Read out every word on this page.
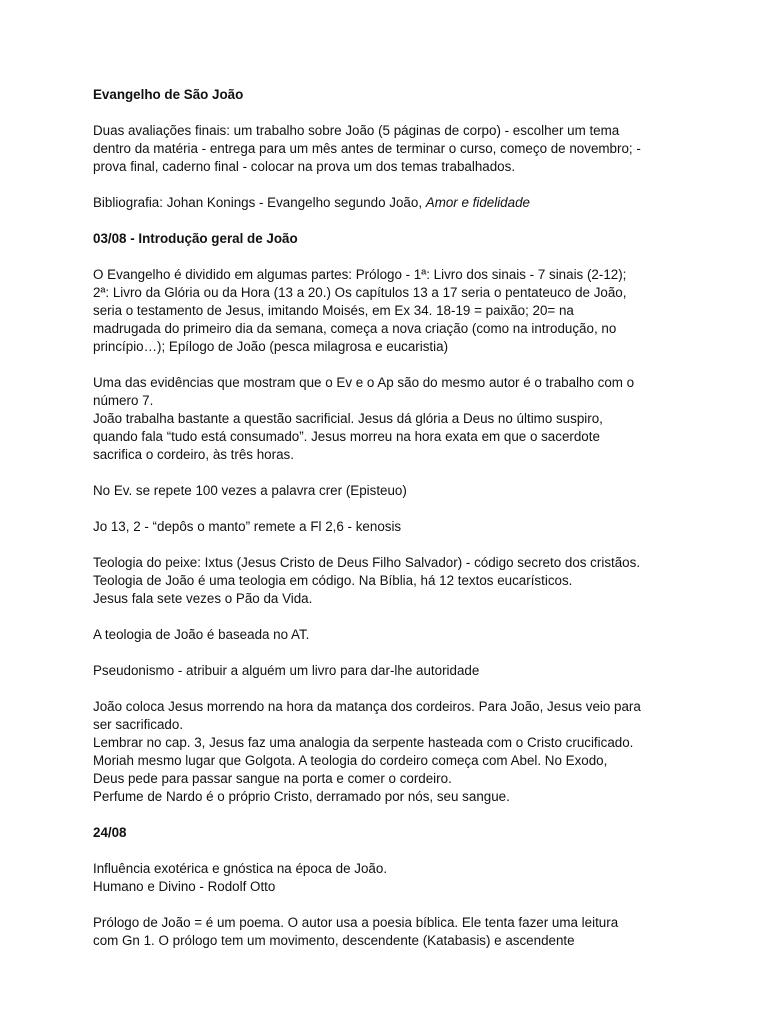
Evangelho de São João
Duas avaliações finais: um trabalho sobre João (5 páginas de corpo) - escolher um tema
dentro da matéria - entrega para um mês antes de terminar o curso, começo de novembro; -
prova final, caderno final - colocar na prova um dos temas trabalhados.
Bibliografia: Johan Konings - Evangelho segundo João, Amor e fidelidade
03/08 - Introdução geral de João
O Evangelho é dividido em algumas partes: Prólogo - 1ª: Livro dos sinais - 7 sinais (2-12);
2ª: Livro da Glória ou da Hora (13 a 20.) Os capítulos 13 a 17 seria o pentateuco de João,
seria o testamento de Jesus, imitando Moisés, em Ex 34. 18-19 = paixão; 20= na
madrugada do primeiro dia da semana, começa a nova criação (como na introdução, no
princípio…); Epílogo de João (pesca milagrosa e eucaristia)
Uma das evidências que mostram que o Ev e o Ap são do mesmo autor é o trabalho com o
número 7.
João trabalha bastante a questão sacrificial. Jesus dá glória a Deus no último suspiro,
quando fala “tudo está consumado”. Jesus morreu na hora exata em que o sacerdote
sacrifica o cordeiro, às três horas.
No Ev. se repete 100 vezes a palavra crer (Episteuo)
Jo 13, 2 - “depôs o manto” remete a Fl 2,6 - kenosis
Teologia do peixe: Ixtus (Jesus Cristo de Deus Filho Salvador) - código secreto dos cristãos.
Teologia de João é uma teologia em código. Na Bíblia, há 12 textos eucarísticos.
Jesus fala sete vezes o Pão da Vida.
A teologia de João é baseada no AT.
Pseudonismo - atribuir a alguém um livro para dar-lhe autoridade
João coloca Jesus morrendo na hora da matança dos cordeiros. Para João, Jesus veio para
ser sacrificado.
Lembrar no cap. 3, Jesus faz uma analogia da serpente hasteada com o Cristo crucificado.
Moriah mesmo lugar que Golgota. A teologia do cordeiro começa com Abel. No Exodo,
Deus pede para passar sangue na porta e comer o cordeiro.
Perfume de Nardo é o próprio Cristo, derramado por nós, seu sangue.
24/08
Influência exotérica e gnóstica na época de João.
Humano e Divino - Rodolf Otto
Prólogo de João = é um poema. O autor usa a poesia bíblica. Ele tenta fazer uma leitura
com Gn 1. O prólogo tem um movimento, descendente (Katabasis) e ascendente
